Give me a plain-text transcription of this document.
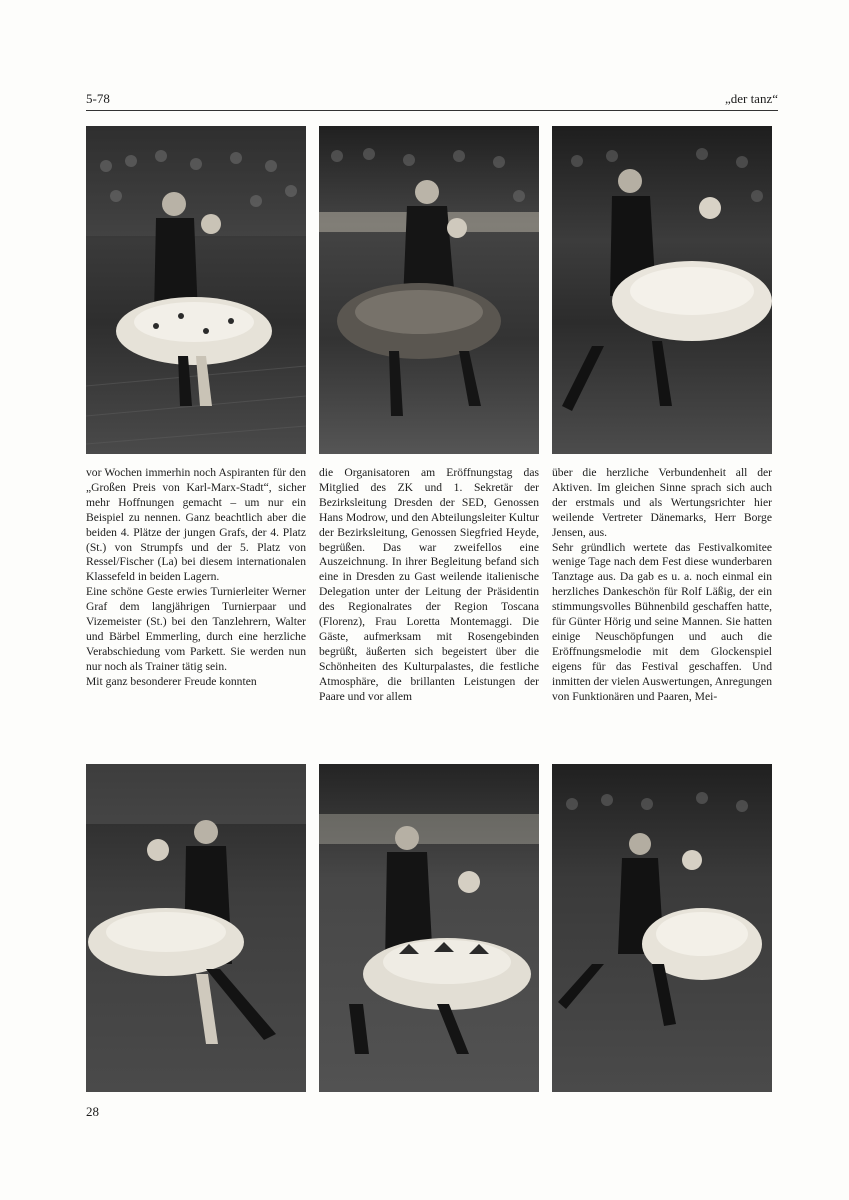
5-78	„der tanz“

vor Wochen immerhin noch Aspiranten für den „Großen Preis von Karl-Marx-Stadt“, sicher mehr Hoffnungen gemacht – um nur ein Beispiel zu nennen. Ganz beachtlich aber die beiden 4. Plätze der jungen Grafs, der 4. Platz (St.) von Strumpfs und der 5. Platz von Ressel/Fischer (La) bei diesem internationalen Klassefeld in beiden Lagern.

Eine schöne Geste erwies Turnierleiter Werner Graf dem langjährigen Turnierpaar und Vizemeister (St.) bei den Tanzlehrern, Walter und Bärbel Emmerling, durch eine herzliche Verabschiedung vom Parkett. Sie werden nun nur noch als Trainer tätig sein.

Mit ganz besonderer Freude konnten

die Organisatoren am Eröffnungstag das Mitglied des ZK und 1. Sekretär der Bezirksleitung Dresden der SED, Genossen Hans Modrow, und den Abteilungsleiter Kultur der Bezirksleitung, Genossen Siegfried Heyde, begrüßen. Das war zweifellos eine Auszeichnung. In ihrer Begleitung befand sich eine in Dresden zu Gast weilende italienische Delegation unter der Leitung der Präsidentin des Regionalrates der Region Toscana (Florenz), Frau Loretta Montemaggi. Die Gäste, aufmerksam mit Rosengebinden begrüßt, äußerten sich begeistert über die Schönheiten des Kulturpalastes, die festliche Atmosphäre, die brillanten Leistungen der Paare und vor allem

über die herzliche Verbundenheit all der Aktiven. Im gleichen Sinne sprach sich auch der erstmals und als Wertungsrichter hier weilende Vertreter Dänemarks, Herr Borge Jensen, aus.

Sehr gründlich wertete das Festivalkomitee wenige Tage nach dem Fest diese wunderbaren Tanztage aus. Da gab es u. a. noch einmal ein herzliches Dankeschön für Rolf Läßig, der ein stimmungsvolles Bühnenbild geschaffen hatte, für Günter Hörig und seine Mannen. Sie hatten einige Neuschöpfungen und auch die Eröffnungsmelodie mit dem Glockenspiel eigens für das Festival geschaffen. Und inmitten der vielen Auswertungen, Anregungen von Funktionären und Paaren, Mei-

28
